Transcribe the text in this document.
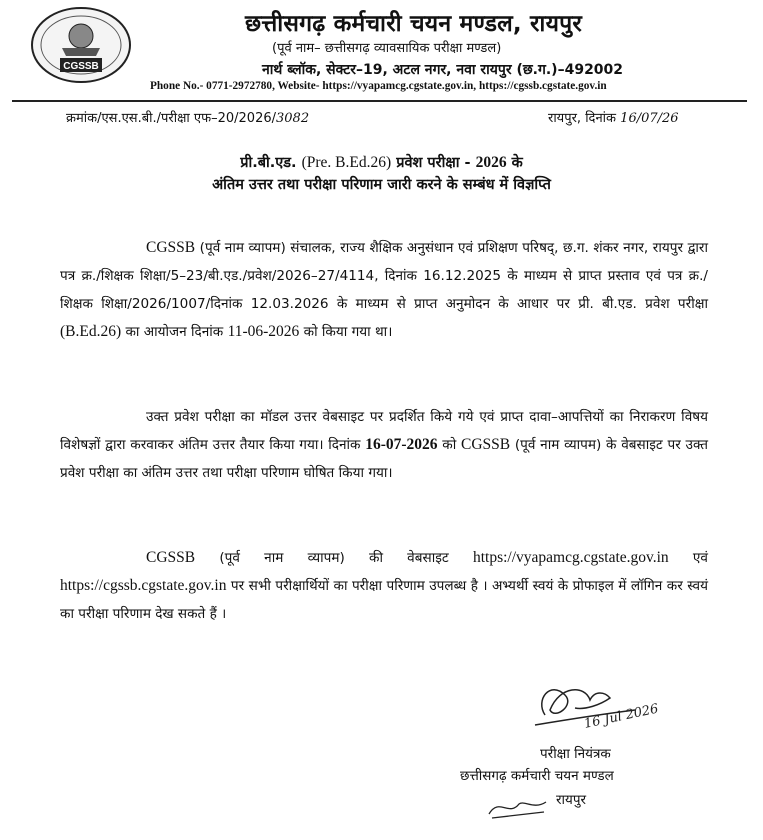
CGSSB
छत्तीसगढ़ कर्मचारी चयन मण्डल, रायपुर
(पूर्व नाम– छत्तीसगढ़ व्यावसायिक परीक्षा मण्डल)
नार्थ ब्लॉक, सेक्टर–19, अटल नगर, नवा रायपुर (छ.ग.)–492002
Phone No.- 0771-2972780, Website- https://vyapamcg.cgstate.gov.in, https://cgssb.cgstate.gov.in
क्रमांक/एस.एस.बी./परीक्षा एफ–20/2026/3082	रायपुर, दिनांक 16/07/26
प्री.बी.एड. (Pre. B.Ed.26) प्रवेश परीक्षा - 2026 के
अंतिम उत्तर तथा परीक्षा परिणाम जारी करने के सम्बंध में विज्ञप्ति
CGSSB (पूर्व नाम व्यापम) संचालक, राज्य शैक्षिक अनुसंधान एवं प्रशिक्षण परिषद्, छ.ग. शंकर नगर, रायपुर द्वारा पत्र क्र./शिक्षक शिक्षा/5–23/बी.एड./प्रवेश/2026–27/4114, दिनांक 16.12.2025 के माध्यम से प्राप्त प्रस्ताव एवं पत्र क्र./शिक्षक शिक्षा/2026/1007/दिनांक 12.03.2026 के माध्यम से प्राप्त अनुमोदन के आधार पर प्री. बी.एड. प्रवेश परीक्षा (B.Ed.26) का आयोजन दिनांक 11-06-2026 को किया गया था।
उक्त प्रवेश परीक्षा का मॉडल उत्तर वेबसाइट पर प्रदर्शित किये गये एवं प्राप्त दावा–आपत्तियों का निराकरण विषय विशेषज्ञों द्वारा करवाकर अंतिम उत्तर तैयार किया गया। दिनांक 16-07-2026 को CGSSB (पूर्व नाम व्यापम) के वेबसाइट पर उक्त प्रवेश परीक्षा का अंतिम उत्तर तथा परीक्षा परिणाम घोषित किया गया।
CGSSB (पूर्व नाम व्यापम) की वेबसाइट https://vyapamcg.cgstate.gov.in एवं https://cgssb.cgstate.gov.in पर सभी परीक्षार्थियों का परीक्षा परिणाम उपलब्ध है । अभ्यर्थी स्वयं के प्रोफाइल में लॉगिन कर स्वयं का परीक्षा परिणाम देख सकते हैं ।
16 Jul 2026
परीक्षा नियंत्रक
छत्तीसगढ़ कर्मचारी चयन मण्डल
रायपुर
